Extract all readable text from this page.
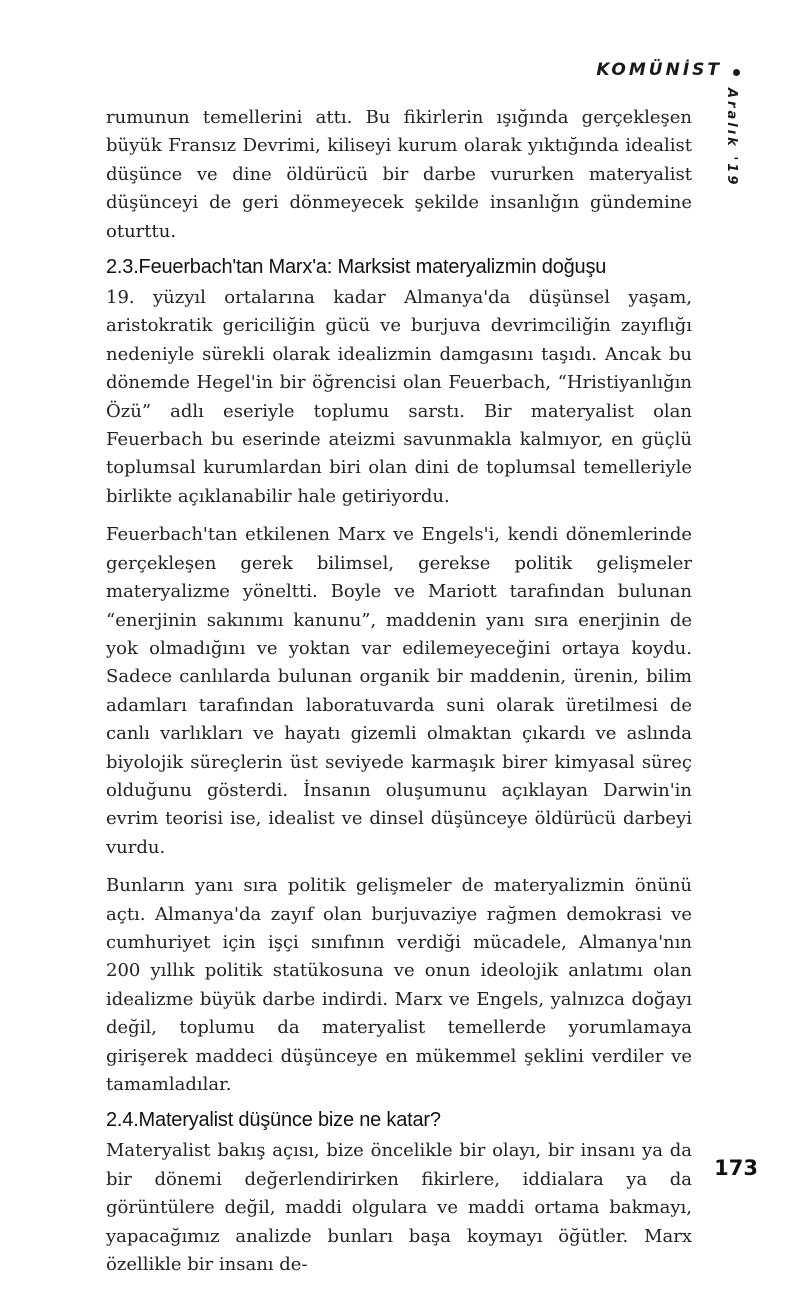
KOMÜNİST
Aralık '19

rumunun temellerini attı. Bu fikirlerin ışığında gerçekleşen büyük Fransız Devrimi, kiliseyi kurum olarak yıktığında idealist düşünce ve dine öldürücü bir darbe vururken materyalist düşünceyi de geri dönmeyecek şekilde insanlığın gündemine oturttu.

2.3.Feuerbach'tan Marx'a: Marksist materyalizmin doğuşu

19. yüzyıl ortalarına kadar Almanya'da düşünsel yaşam, aristokratik gericiliğin gücü ve burjuva devrimciliğin zayıflığı nedeniyle sürekli olarak idealizmin damgasını taşıdı. Ancak bu dönemde Hegel'in bir öğrencisi olan Feuerbach, “Hristiyanlığın Özü” adlı eseriyle toplumu sarstı. Bir materyalist olan Feuerbach bu eserinde ateizmi savunmakla kalmıyor, en güçlü toplumsal kurumlardan biri olan dini de toplumsal temelleriyle birlikte açıklanabilir hale getiriyordu.

Feuerbach'tan etkilenen Marx ve Engels'i, kendi dönemlerinde gerçekleşen gerek bilimsel, gerekse politik gelişmeler materyalizme yöneltti. Boyle ve Mariott tarafından bulunan “enerjinin sakınımı kanunu”, maddenin yanı sıra enerjinin de yok olmadığını ve yoktan var edilemeyeceğini ortaya koydu. Sadece canlılarda bulunan organik bir maddenin, ürenin, bilim adamları tarafından laboratuvarda suni olarak üretilmesi de canlı varlıkları ve hayatı gizemli olmaktan çıkardı ve aslında biyolojik süreçlerin üst seviyede karmaşık birer kimyasal süreç olduğunu gösterdi. İnsanın oluşumunu açıklayan Darwin'in evrim teorisi ise, idealist ve dinsel düşünceye öldürücü darbeyi vurdu.

Bunların yanı sıra politik gelişmeler de materyalizmin önünü açtı. Almanya'da zayıf olan burjuvaziye rağmen demokrasi ve cumhuriyet için işçi sınıfının verdiği mücadele, Almanya'nın 200 yıllık politik statükosuna ve onun ideolojik anlatımı olan idealizme büyük darbe indirdi. Marx ve Engels, yalnızca doğayı değil, toplumu da materyalist temellerde yorumlamaya girişerek maddeci düşünceye en mükemmel şeklini verdiler ve tamamladılar.

2.4.Materyalist düşünce bize ne katar?

Materyalist bakış açısı, bize öncelikle bir olayı, bir insanı ya da bir dönemi değerlendirirken fikirlere, iddialara ya da görüntülere değil, maddi olgulara ve maddi ortama bakmayı, yapacağımız analizde bunları başa koymayı öğütler. Marx özellikle bir insanı de-

173
